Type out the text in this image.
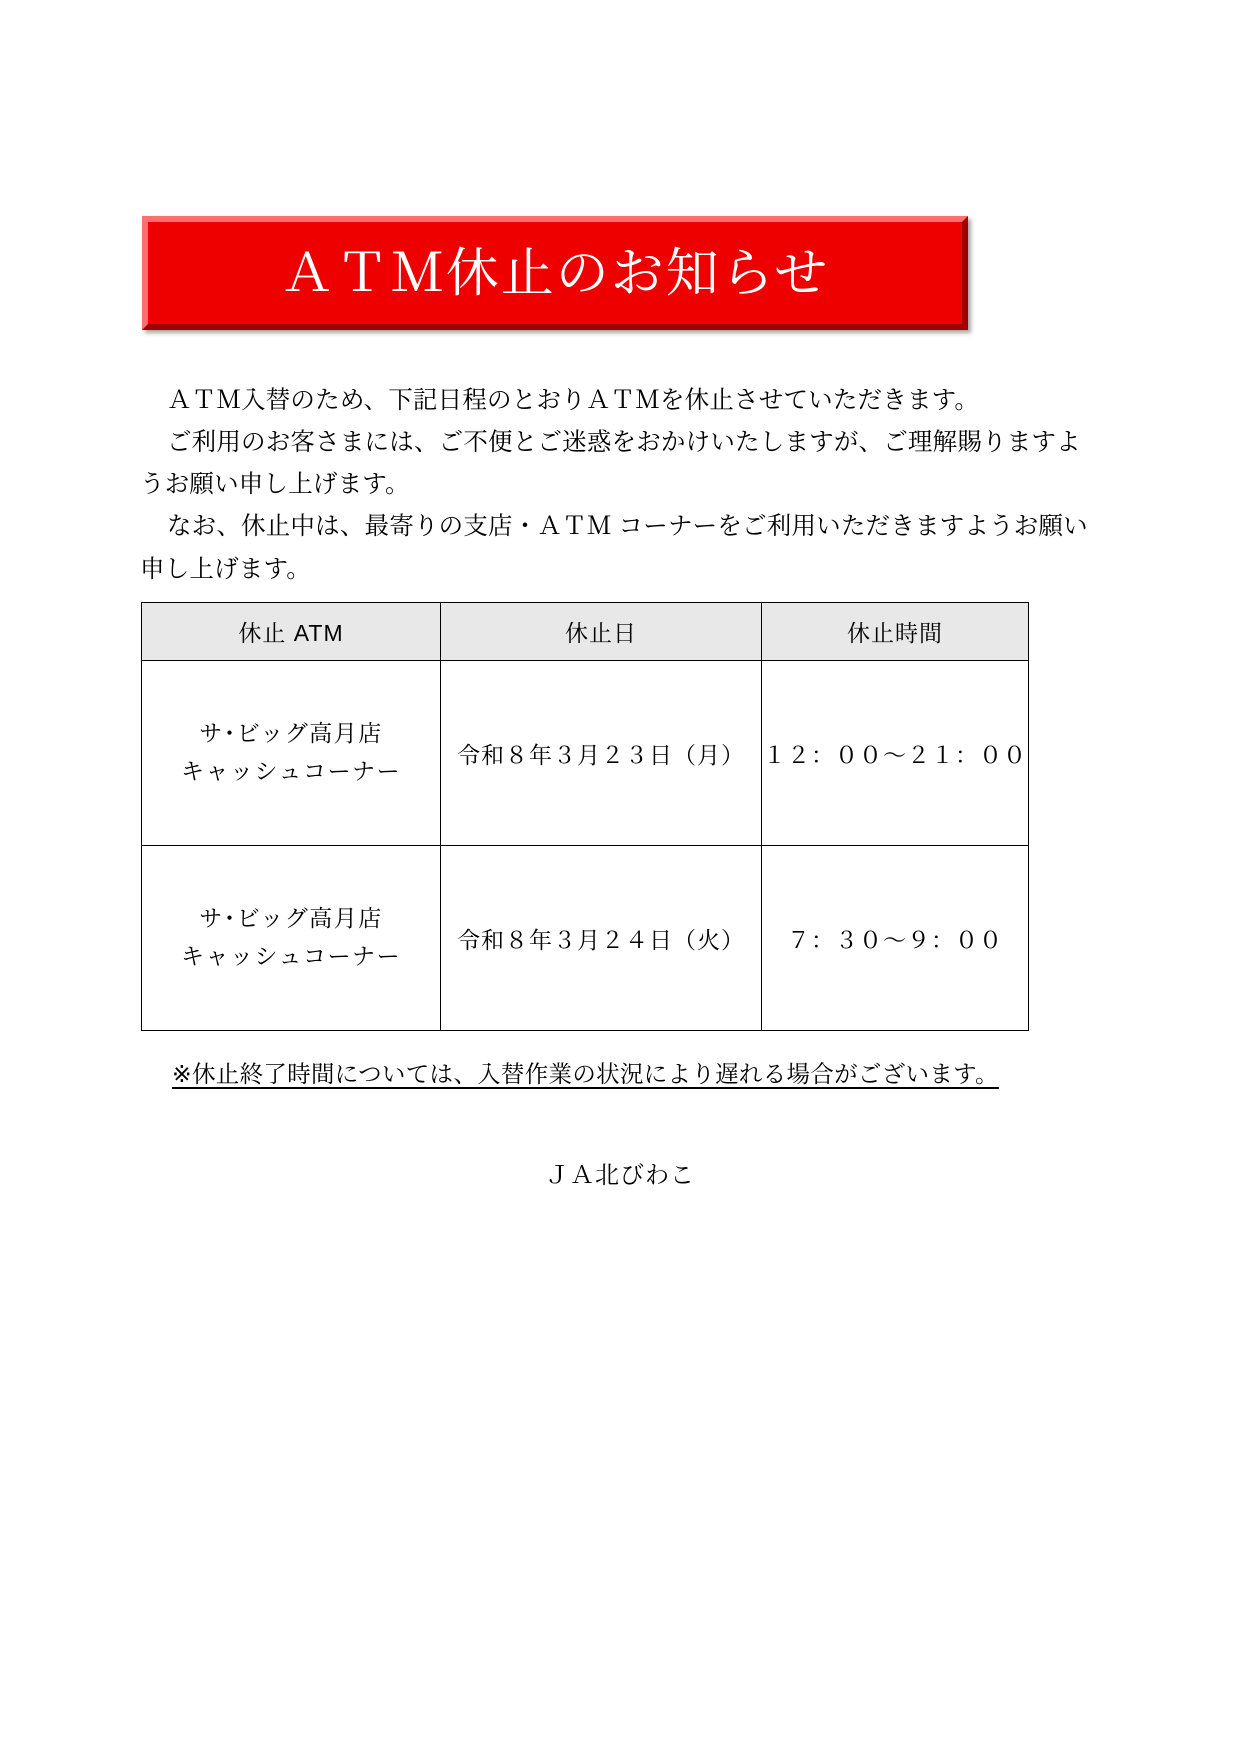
ＡＴＭ休止のお知らせ

ＡＴＭ入替のため、下記日程のとおりＡＴＭを休止させていただきます。

ご利用のお客さまには、ご不便とご迷惑をおかけいたしますが、ご理解賜りますようお願い申し上げます。

なお、休止中は、最寄りの支店・ＡＴＭ コーナーをご利用いただきますようお願い申し上げます。

休止 ATM	休止日	休止時間

サ･ビッグ高月店
キャッシュコーナー	令和８年３月２３日（月）	１２：００〜２１：００

サ･ビッグ高月店
キャッシュコーナー	令和８年３月２４日（火）	７：３０〜９：００
※休止終了時間については、入替作業の状況により遅れる場合がございます。
ＪＡ北びわこ
